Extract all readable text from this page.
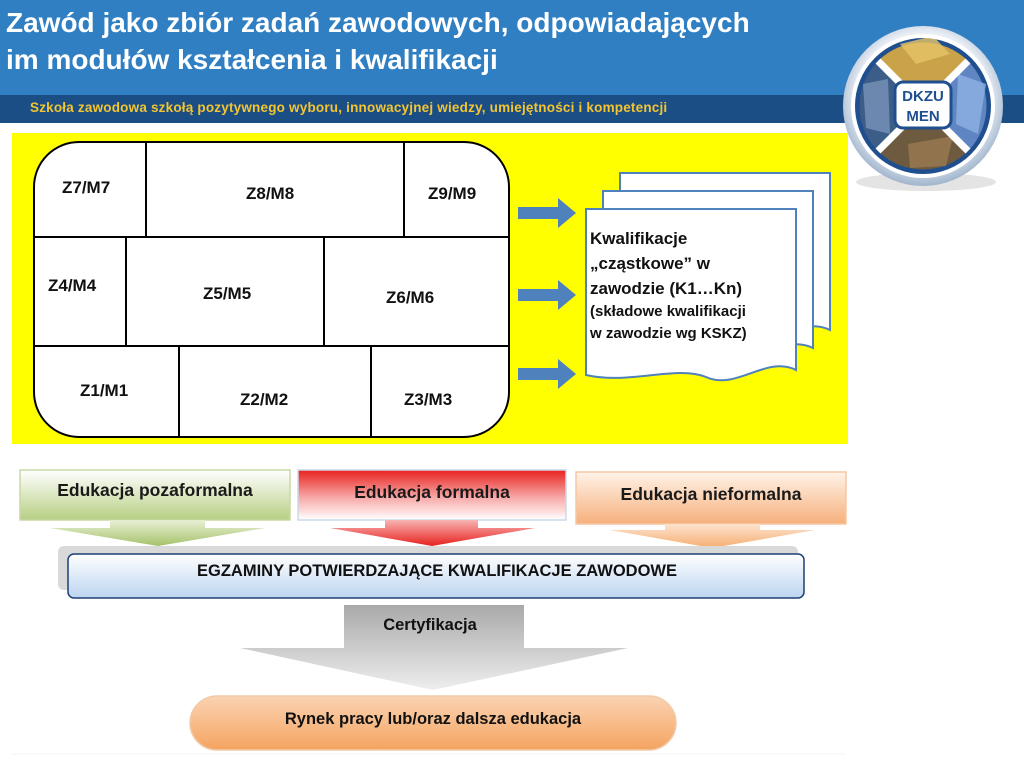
Zawód jako zbiór zadań zawodowych, odpowiadających
im modułów kształcenia i kwalifikacji
Szkoła zawodowa szkołą pozytywnego wyboru, innowacyjnej wiedzy, umiejętności i kompetencji
DKZU
MEN
Z7/M7	Z8/M8	Z9/M9
Z4/M4	Z5/M5	Z6/M6
Z1/M1	Z2/M2	Z3/M3
Kwalifikacje
„cząstkowe” w
zawodzie (K1…Kn)
(składowe kwalifikacji
w zawodzie wg KSKZ)
Edukacja pozaformalna	Edukacja formalna	Edukacja nieformalna
EGZAMINY POTWIERDZAJĄCE KWALIFIKACJE ZAWODOWE
Certyfikacja
Rynek pracy lub/oraz dalsza edukacja
